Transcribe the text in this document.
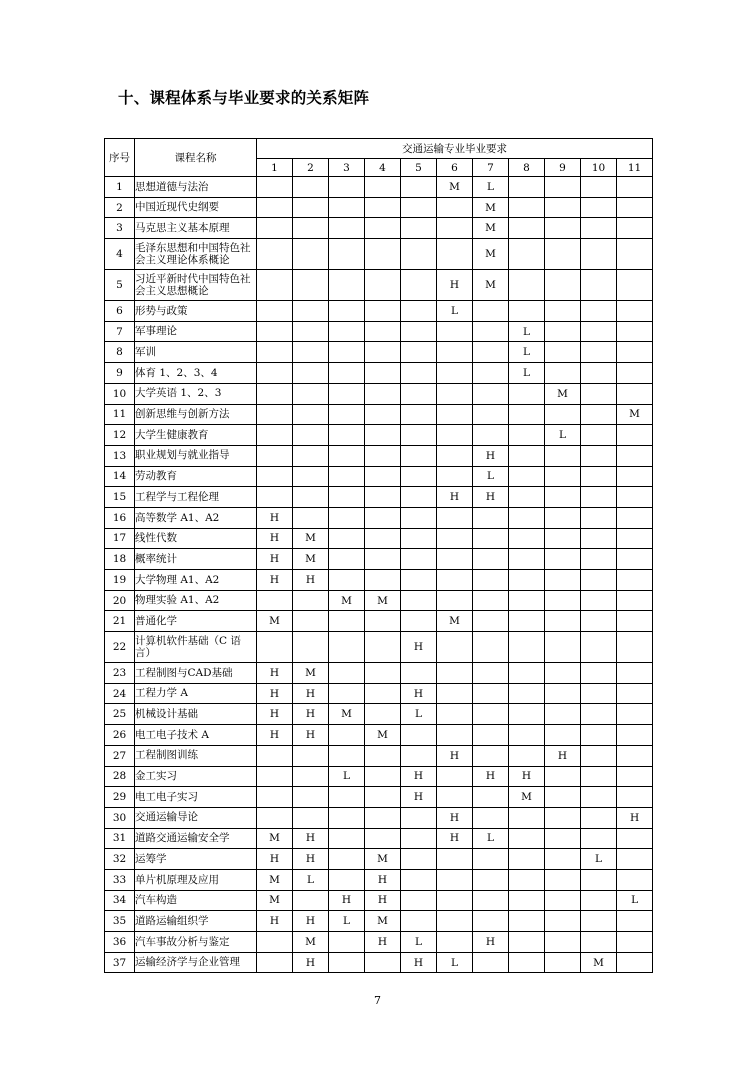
十、课程体系与毕业要求的关系矩阵
序号	课程名称	交通运输专业毕业要求										
		1	2	3	4	5	6	7	8	9	10	11
1	思想道德与法治						M	L				
2	中国近现代史纲要							M				
3	马克思主义基本原理							M				
4	毛泽东思想和中国特色社会主义理论体系概论							M				
5	习近平新时代中国特色社会主义思想概论						H	M				
6	形势与政策						L					
7	军事理论								L			
8	军训								L			
9	体育 1、2、3、4								L			
10	大学英语 1、2、3									M		
11	创新思维与创新方法											M
12	大学生健康教育									L		
13	职业规划与就业指导							H				
14	劳动教育							L				
15	工程学与工程伦理						H	H				
16	高等数学 A1、A2	H										
17	线性代数	H	M									
18	概率统计	H	M									
19	大学物理 A1、A2	H	H									
20	物理实验 A1、A2			M	M							
21	普通化学	M					M					
22	计算机软件基础（C 语言）					H						
23	工程制图与CAD基础	H	M									
24	工程力学 A	H	H			H						
25	机械设计基础	H	H	M		L						
26	电工电子技术 A	H	H		M							
27	工程制图训练						H			H		
28	金工实习			L		H		H	H			
29	电工电子实习					H			M			
30	交通运输导论						H					H
31	道路交通运输安全学	M	H				H	L				
32	运筹学	H	H		M						L	
33	单片机原理及应用	M	L		H							
34	汽车构造	M		H	H							L
35	道路运输组织学	H	H	L	M							
36	汽车事故分析与鉴定		M		H	L		H				
37	运输经济学与企业管理		H			H	L				M	
7
